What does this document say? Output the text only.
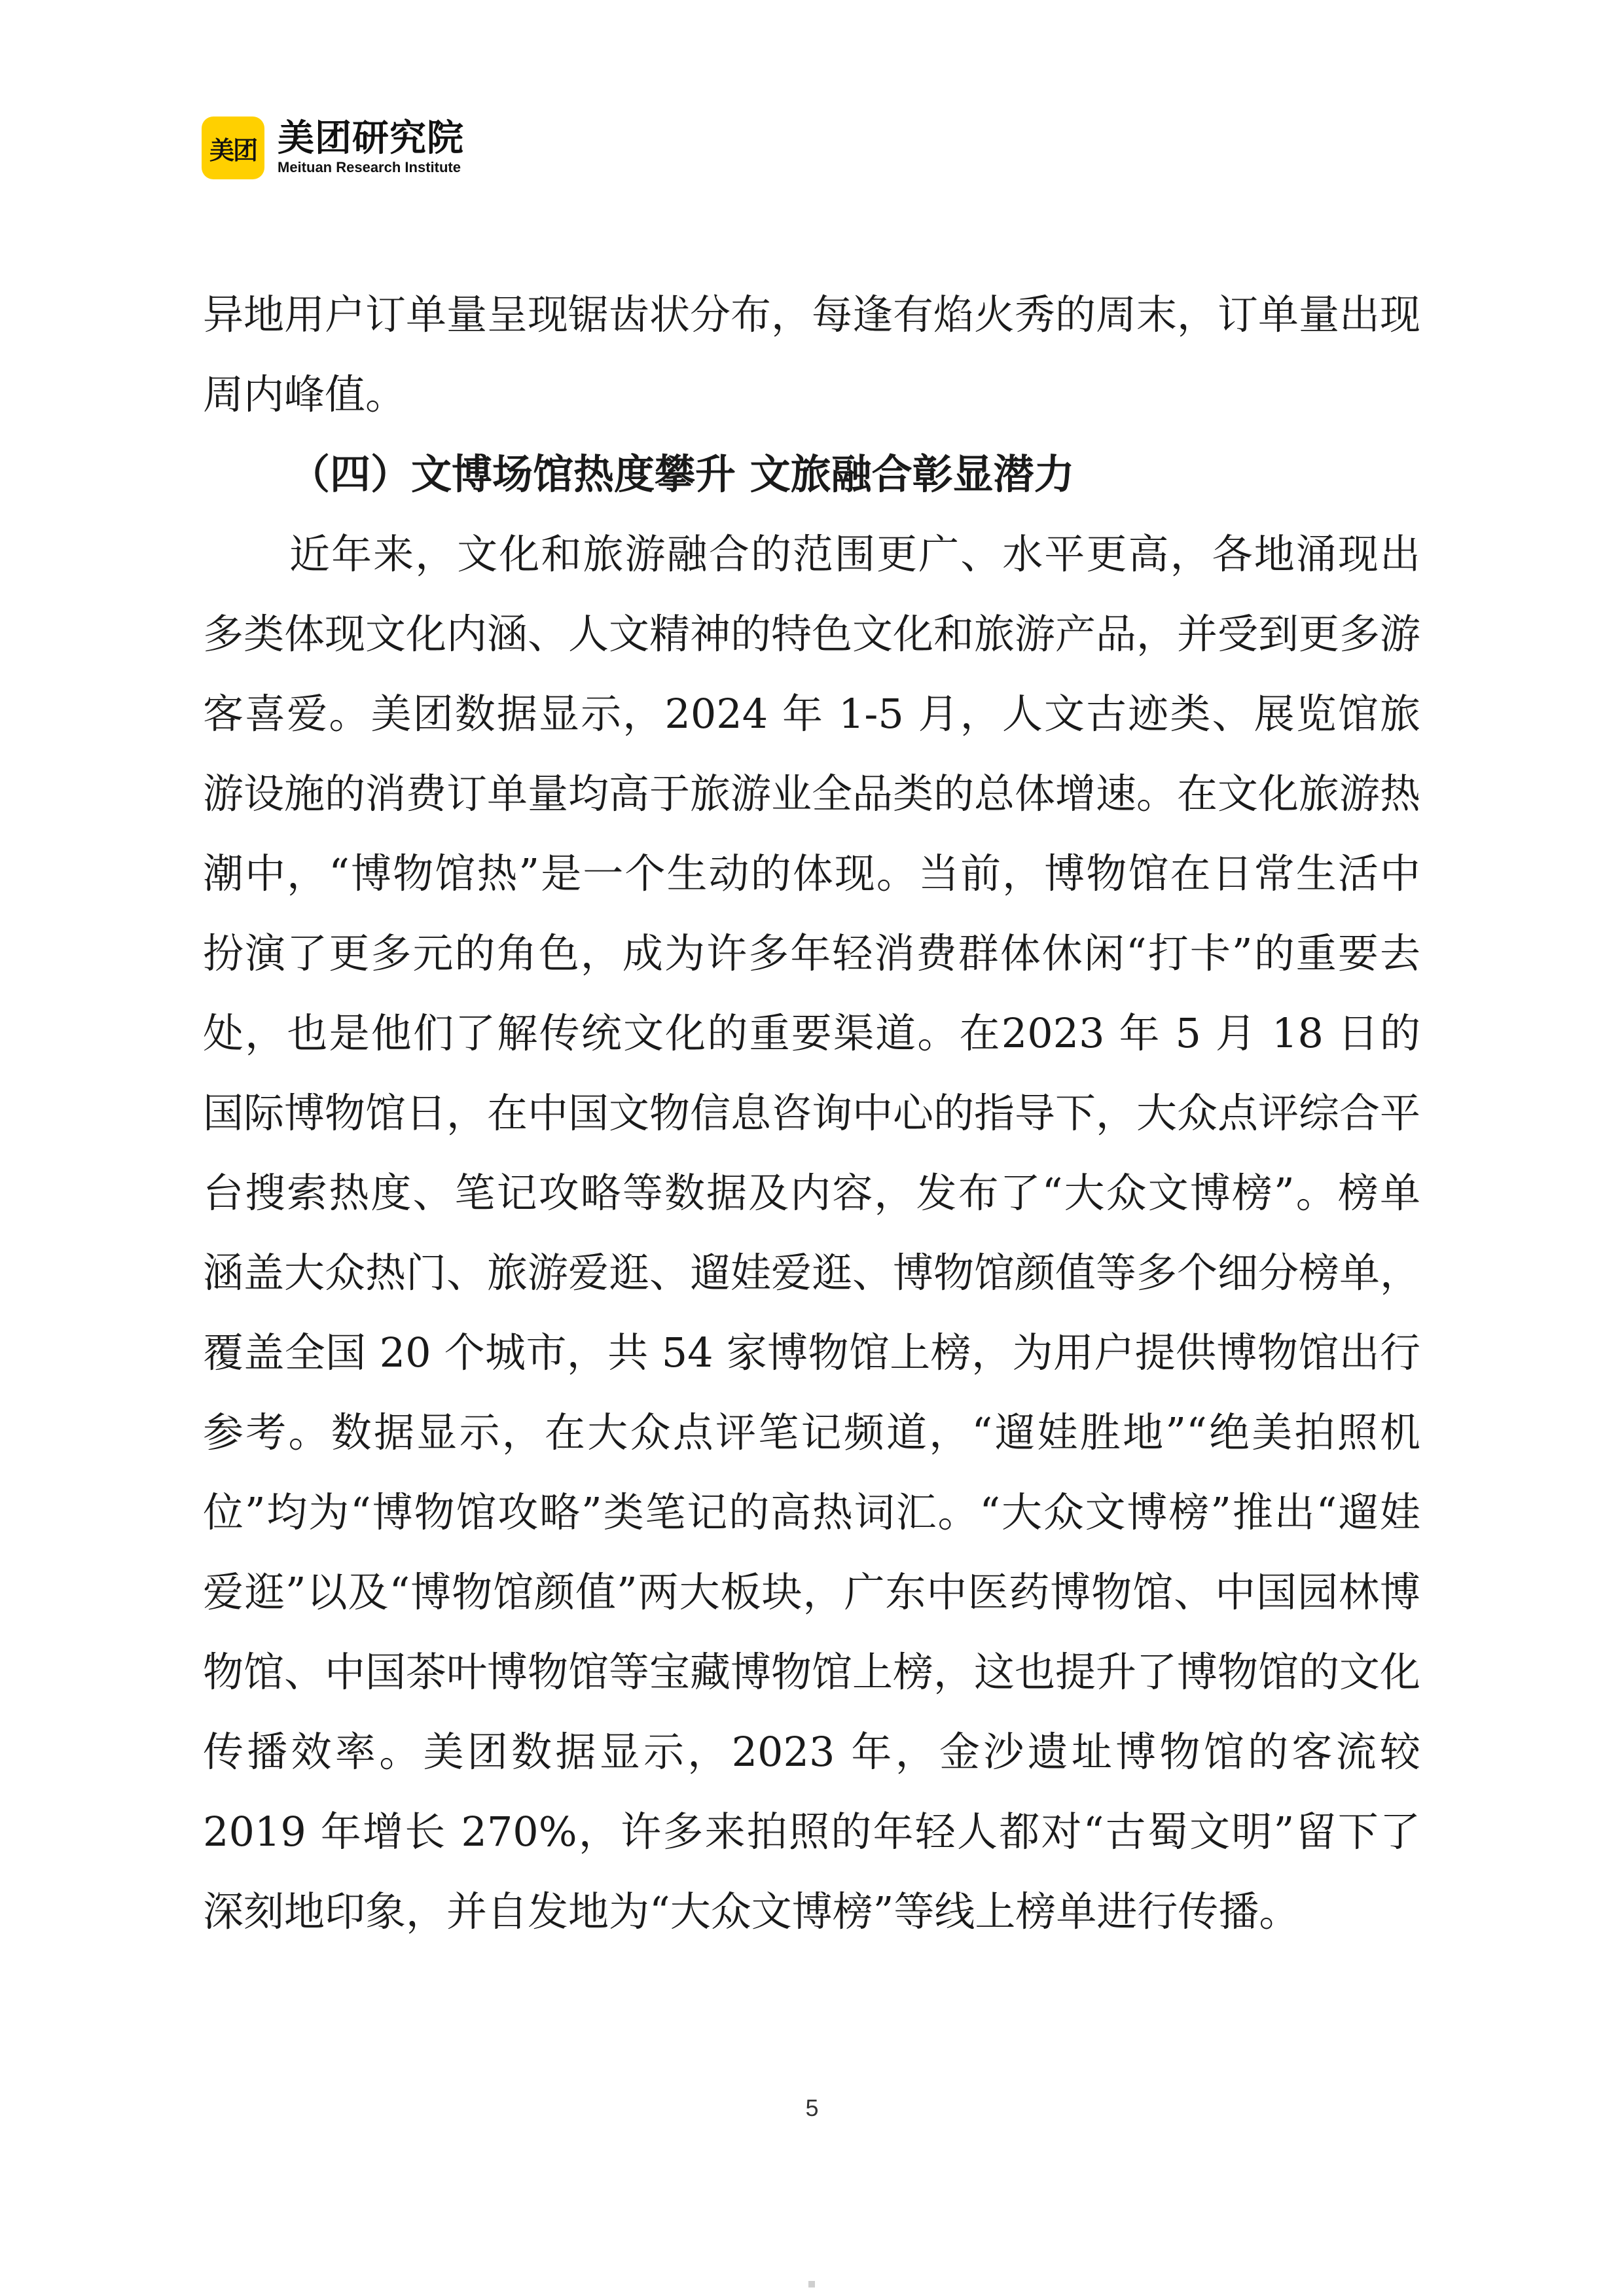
美团 美团研究院
Meituan Research Institute

异地用户订单量呈现锯齿状分布，每逢有焰火秀的周末，订单量出现周内峰值。

（四）文博场馆热度攀升 文旅融合彰显潜力

近年来，文化和旅游融合的范围更广、水平更高，各地涌现出多类体现文化内涵、人文精神的特色文化和旅游产品，并受到更多游客喜爱。美团数据显示，2024 年 1-5 月，人文古迹类、展览馆旅游设施的消费订单量均高于旅游业全品类的总体增速。在文化旅游热潮中，“博物馆热”是一个生动的体现。当前，博物馆在日常生活中扮演了更多元的角色，成为许多年轻消费群体休闲“打卡”的重要去处，也是他们了解传统文化的重要渠道。在2023 年 5 月 18 日的国际博物馆日，在中国文物信息咨询中心的指导下，大众点评综合平台搜索热度、笔记攻略等数据及内容，发布了“大众文博榜”。榜单涵盖大众热门、旅游爱逛、遛娃爱逛、博物馆颜值等多个细分榜单，覆盖全国 20 个城市，共 54 家博物馆上榜，为用户提供博物馆出行参考。数据显示，在大众点评笔记频道，“遛娃胜地”“绝美拍照机位”均为“博物馆攻略”类笔记的高热词汇。“大众文博榜”推出“遛娃爱逛”以及“博物馆颜值”两大板块，广东中医药博物馆、中国园林博物馆、中国茶叶博物馆等宝藏博物馆上榜，这也提升了博物馆的文化传播效率。美团数据显示，2023 年，金沙遗址博物馆的客流较 2019 年增长 270%，许多来拍照的年轻人都对“古蜀文明”留下了深刻地印象，并自发地为“大众文博榜”等线上榜单进行传播。

5
